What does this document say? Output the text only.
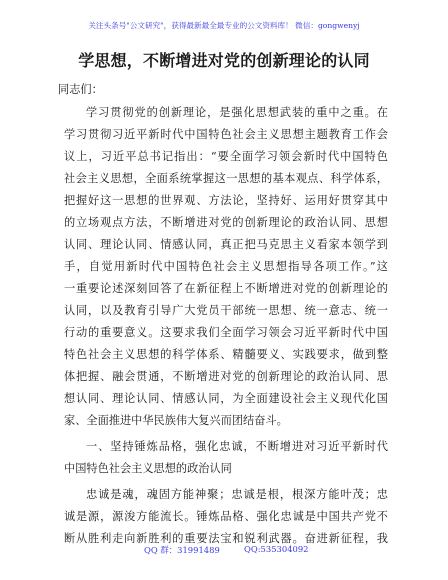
关注头条号"公文研究"，获得最新最全最专业的公文资料库！ 微信：gongwenyj
学思想，不断增进对党的创新理论的认同
同志们：
学习贯彻党的创新理论，是强化思想武装的重中之重。在
学习贯彻习近平新时代中国特色社会主义思想主题教育工作会
议上，习近平总书记指出：“要全面学习领会新时代中国特色
社会主义思想，全面系统掌握这一思想的基本观点、科学体系，
把握好这一思想的世界观、方法论，坚持好、运用好贯穿其中
的立场观点方法，不断增进对党的创新理论的政治认同、思想
认同、理论认同、情感认同，真正把马克思主义看家本领学到
手，自觉用新时代中国特色社会主义思想指导各项工作。”这
一重要论述深刻回答了在新征程上不断增进对党的创新理论的
认同，以及教育引导广大党员干部统一思想、统一意志、统一
行动的重要意义。这要求我们全面学习领会习近平新时代中国
特色社会主义思想的科学体系、精髓要义、实践要求，做到整
体把握、融会贯通，不断增进对党的创新理论的政治认同、思
想认同、理论认同、情感认同，为全面建设社会主义现代化国
家、全面推进中华民族伟大复兴而团结奋斗。
一、坚持锤炼品格，强化忠诚，不断增进对习近平新时代
中国特色社会主义思想的政治认同
忠诚是魂，魂固方能神聚；忠诚是根，根深方能叶茂；忠
诚是源，源浚方能流长。锤炼品格、强化忠诚是中国共产党不
断从胜利走向新胜利的重要法宝和锐利武器。奋进新征程，我
QQ 群：31991489	QQ:535304092
